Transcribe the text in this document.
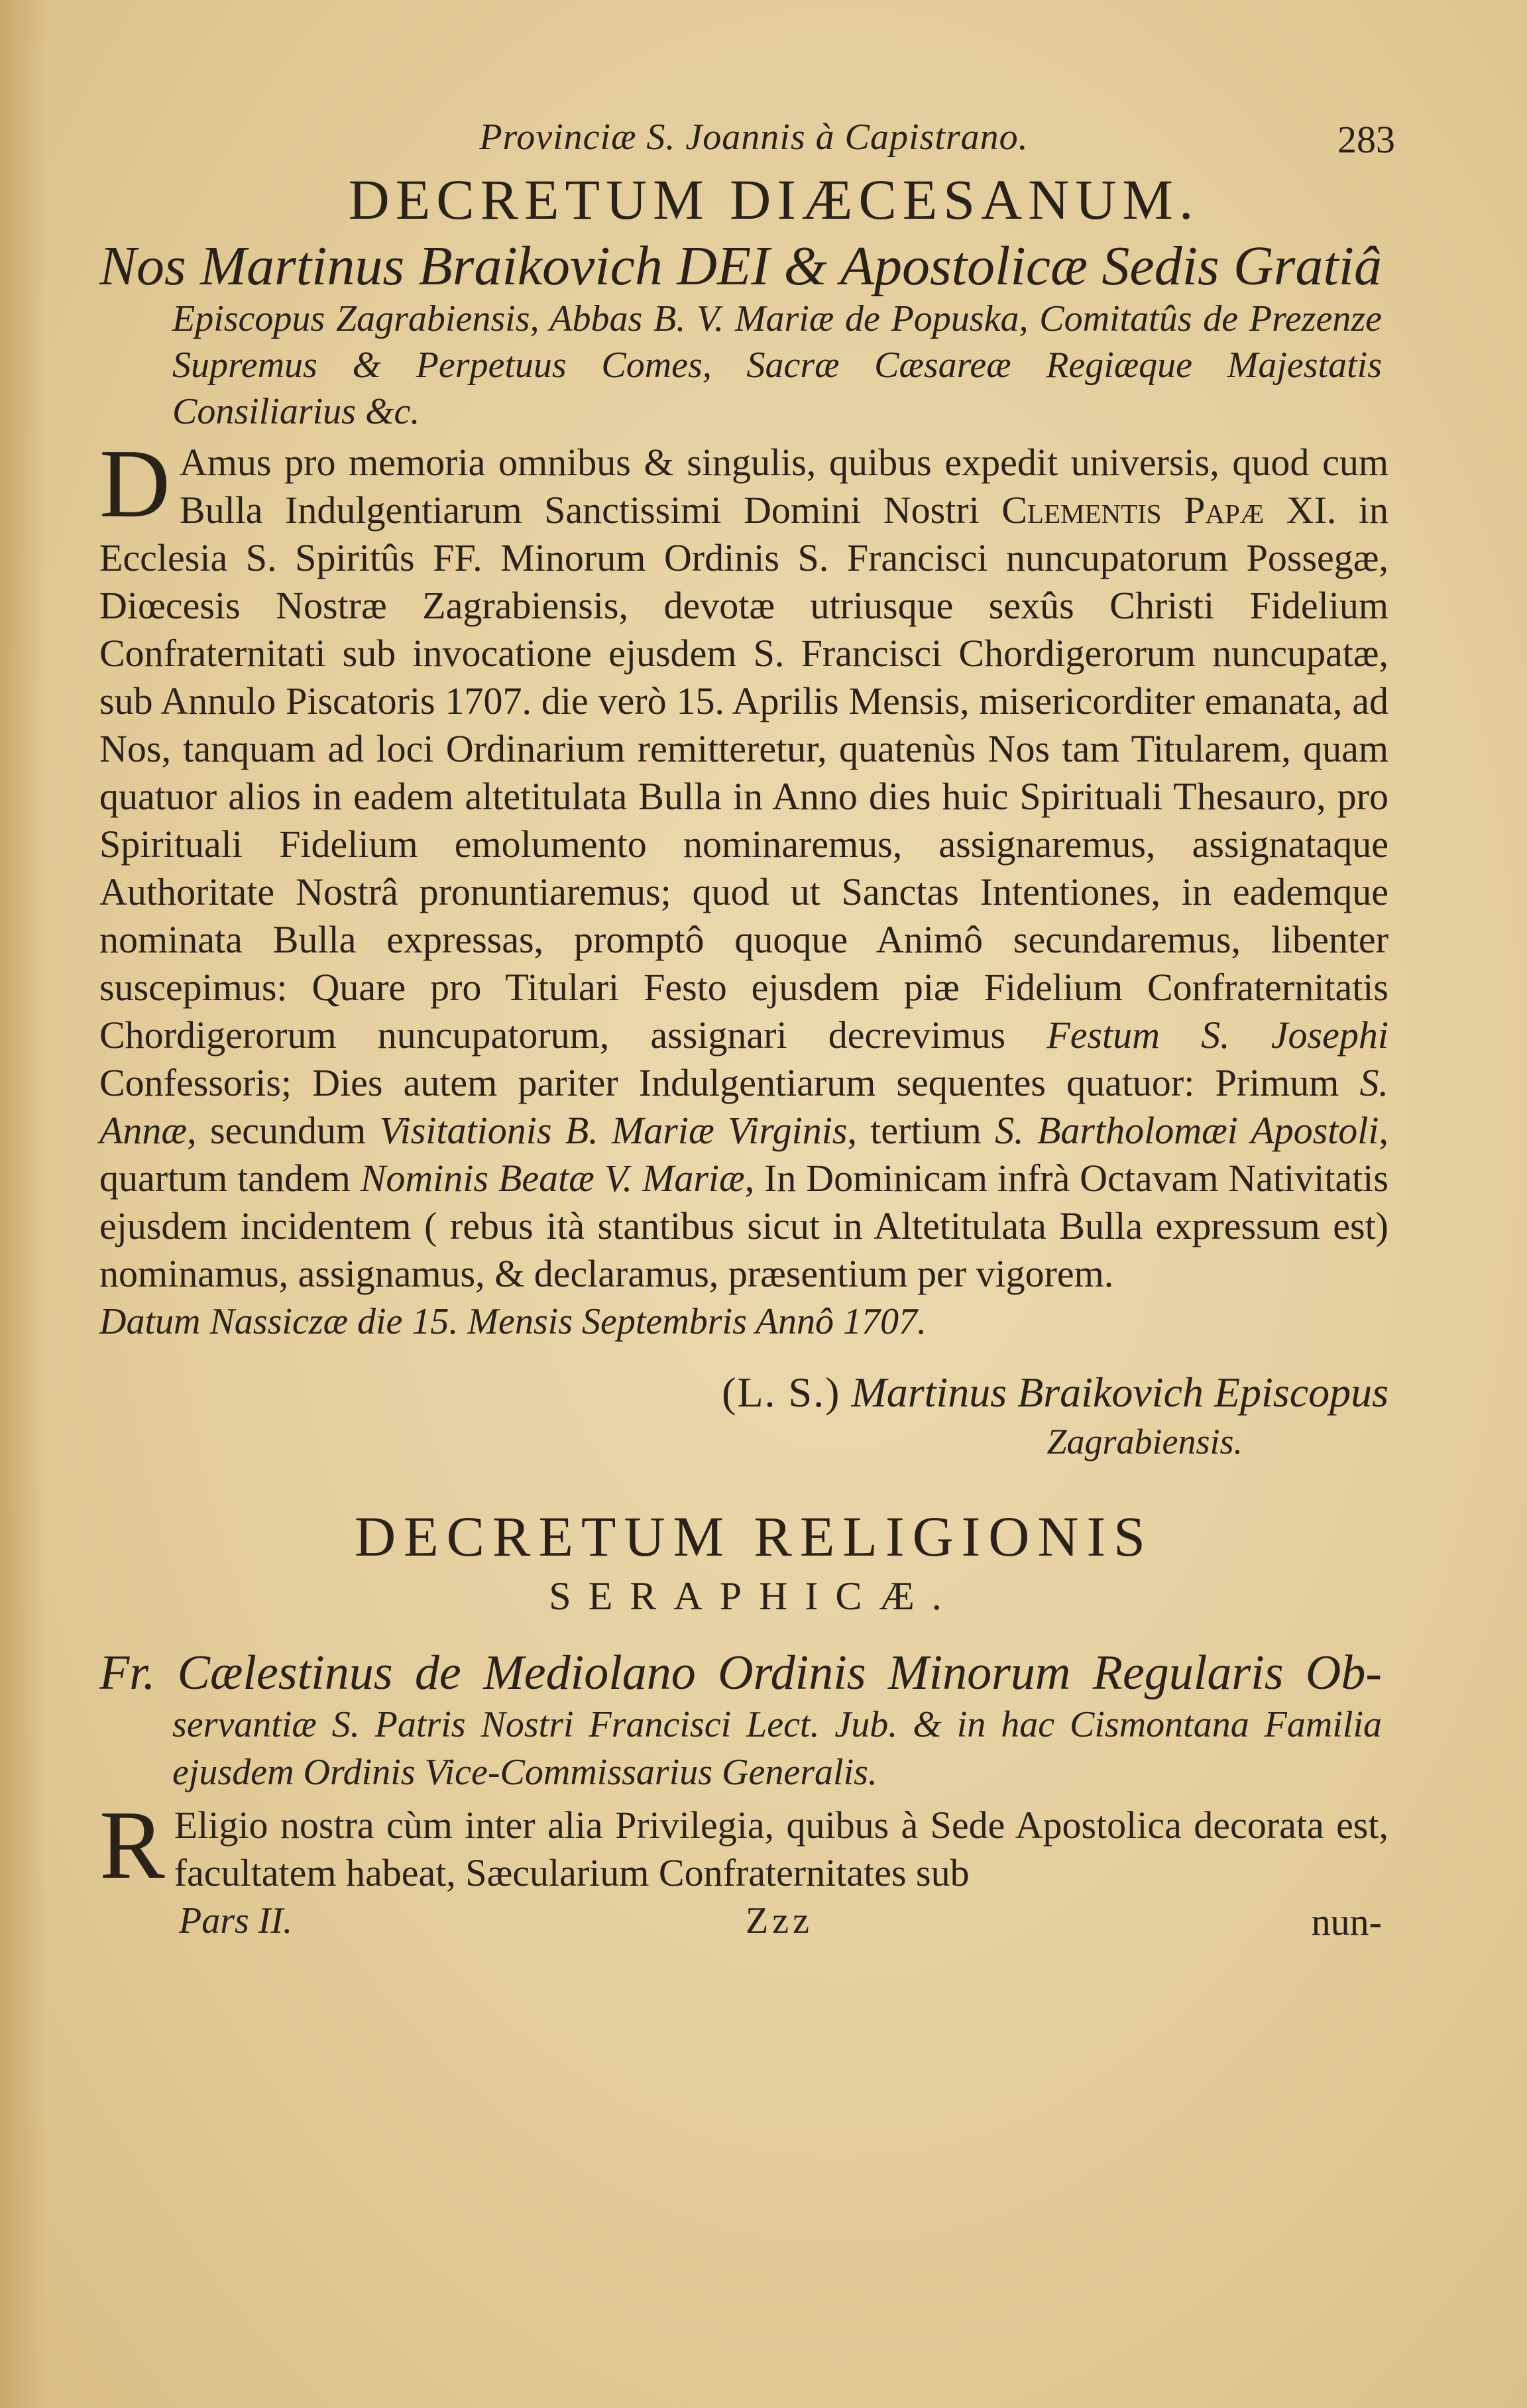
Provinciæ S. Joannis à Capistrano.	283
DECRETUM DIÆCESANUM.
Nos Martinus Braikovich DEI & Apostolicæ Sedis Gratiâ Episcopus Zagrabiensis, Abbas B. V. Mariæ de Popuska, Comitatûs de Prezenze Supremus & Perpetuus Comes, Sacræ Cæsareæ Regiæque Majestatis Consiliarius &c.
D Amus pro memoria omnibus & singulis, quibus expedit universis, quod cum Bulla Indulgentiarum Sanctissimi Domini Nostri Clementis Papæ XI. in Ecclesia S. Spiritûs FF. Minorum Ordinis S. Francisci nuncupatorum Possegæ, Diœcesis Nostræ Zagrabiensis, devotæ utriusque sexûs Christi Fidelium Confraternitati sub invocatione ejusdem S. Francisci Chordigerorum nuncupatæ, sub Annulo Piscatoris 1707. die verò 15. Aprilis Mensis, misericorditer emanata, ad Nos, tanquam ad loci Ordinarium remitteretur, quatenùs Nos tam Titularem, quam quatuor alios in eadem altetitulata Bulla in Anno dies huic Spirituali Thesauro, pro Spirituali Fidelium emolumento nominaremus, assignaremus, assignataque Authoritate Nostrâ pronuntiaremus; quod ut Sanctas Intentiones, in eademque nominata Bulla expressas, promptô quoque Animô secundaremus, libenter suscepimus: Quare pro Titulari Festo ejusdem piæ Fidelium Confraternitatis Chordigerorum nuncupatorum, assignari decrevimus Festum S. Josephi Confessoris; Dies autem pariter Indulgentiarum sequentes quatuor: Primum S. Annæ, secundum Visitationis B. Mariæ Virginis, tertium S. Bartholomæi Apostoli, quartum tandem Nominis Beatæ V. Mariæ, In Dominicam infrà Octavam Nativitatis ejusdem incidentem ( rebus ità stantibus sicut in Altetitulata Bulla expressum est) nominamus, assignamus, & declaramus, præsentium per vigorem.
Datum Nassiczæ die 15. Mensis Septembris Annô 1707.
(L. S.) Martinus Braikovich Episcopus
Zagrabiensis.
DECRETUM RELIGIONIS
SERAPHICÆ.
Fr. Cælestinus de Mediolano Ordinis Minorum Regularis Ob- servantiæ S. Patris Nostri Francisci Lect. Jub. & in hac Cismontana Familia ejusdem Ordinis Vice-Commissarius Generalis.
R Eligio nostra cùm inter alia Privilegia, quibus à Sede Apostolica decorata est, facultatem habeat, Sæcularium Confraternitates sub
Pars II.	Zzz	nun-
